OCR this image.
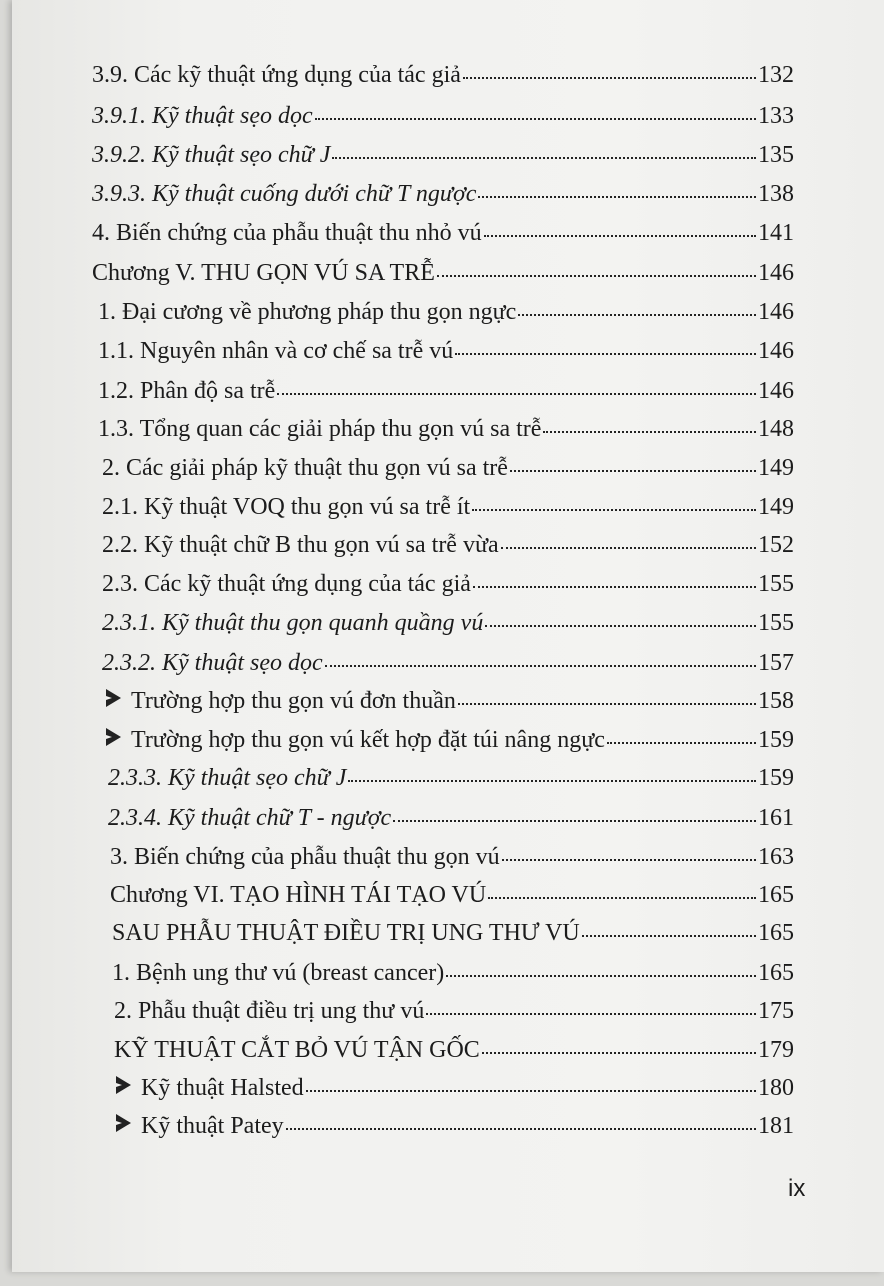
3.9. Các kỹ thuật ứng dụng của tác giả	132
3.9.1. Kỹ thuật sẹo dọc	133
3.9.2. Kỹ thuật sẹo chữ J	135
3.9.3. Kỹ thuật cuống dưới chữ T ngược	138
4. Biến chứng của phẫu thuật thu nhỏ vú	141
Chương V. THU GỌN VÚ SA TRỄ	146
1. Đại cương về phương pháp thu gọn ngực	146
1.1. Nguyên nhân và cơ chế sa trễ vú	146
1.2. Phân độ sa trễ	146
1.3. Tổng quan các giải pháp thu gọn vú sa trễ	148
2. Các giải pháp kỹ thuật thu gọn vú sa trễ	149
2.1. Kỹ thuật VOQ thu gọn vú sa trễ ít	149
2.2. Kỹ thuật chữ B thu gọn vú sa trễ vừa	152
2.3. Các kỹ thuật ứng dụng của tác giả	155
2.3.1. Kỹ thuật thu gọn quanh quầng vú	155
2.3.2. Kỹ thuật sẹo dọc	157
Trường hợp thu gọn vú đơn thuần	158
Trường hợp thu gọn vú kết hợp đặt túi nâng ngực	159
2.3.3. Kỹ thuật sẹo chữ J	159
2.3.4. Kỹ thuật chữ T - ngược	161
3. Biến chứng của phẫu thuật thu gọn vú	163
Chương VI. TẠO HÌNH TÁI TẠO VÚ	165
SAU PHẪU THUẬT ĐIỀU TRỊ UNG THƯ VÚ	165
1. Bệnh ung thư vú (breast cancer)	165
2. Phẫu thuật điều trị ung thư vú	175
KỸ THUẬT CẮT BỎ VÚ TẬN GỐC	179
Kỹ thuật Halsted	180
Kỹ thuật Patey	181
ix
